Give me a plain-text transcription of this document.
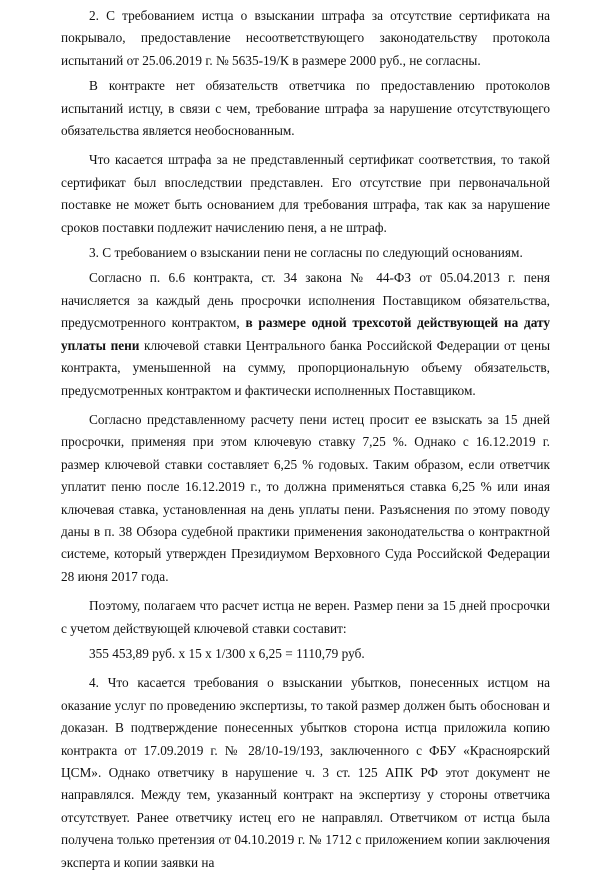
2. С требованием истца о взыскании штрафа за отсутствие сертификата на покрывало, предоставление несоответствующего законодательству протокола испытаний от 25.06.2019 г. № 5635-19/К в размере 2000 руб., не согласны.

В контракте нет обязательств ответчика по предоставлению протоколов испытаний истцу, в связи с чем, требование штрафа за нарушение отсутствующего обязательства является необоснованным.

Что касается штрафа за не представленный сертификат соответствия, то такой сертификат был впоследствии представлен. Его отсутствие при первоначальной поставке не может быть основанием для требования штрафа, так как за нарушение сроков поставки подлежит начислению пеня, а не штраф.

3. С требованием о взыскании пени не согласны по следующий основаниям.

Согласно п. 6.6 контракта, ст. 34 закона № 44-ФЗ от 05.04.2013 г. пеня начисляется за каждый день просрочки исполнения Поставщиком обязательства, предусмотренного контрактом, в размере одной трехсотой действующей на дату уплаты пени ключевой ставки Центрального банка Российской Федерации от цены контракта, уменьшенной на сумму, пропорциональную объему обязательств, предусмотренных контрактом и фактически исполненных Поставщиком.

Согласно представленному расчету пени истец просит ее взыскать за 15 дней просрочки, применяя при этом ключевую ставку 7,25 %. Однако с 16.12.2019 г. размер ключевой ставки составляет 6,25 % годовых. Таким образом, если ответчик уплатит пеню после 16.12.2019 г., то должна применяться ставка 6,25 % или иная ключевая ставка, установленная на день уплаты пени. Разъяснения по этому поводу даны в п. 38 Обзора судебной практики применения законодательства о контрактной системе, который утвержден Президиумом Верховного Суда Российской Федерации 28 июня 2017 года.

Поэтому, полагаем что расчет истца не верен. Размер пени за 15 дней просрочки с учетом действующей ключевой ставки составит:

355 453,89 руб. х 15 х 1/300 х 6,25 = 1110,79 руб.

4. Что касается требования о взыскании убытков, понесенных истцом на оказание услуг по проведению экспертизы, то такой размер должен быть обоснован и доказан. В подтверждение понесенных убытков сторона истца приложила копию контракта от 17.09.2019 г. № 28/10-19/193, заключенного с ФБУ «Красноярский ЦСМ». Однако ответчику в нарушение ч. 3 ст. 125 АПК РФ этот документ не направлялся. Между тем, указанный контракт на экспертизу у стороны ответчика отсутствует. Ранее ответчику истец его не направлял. Ответчиком от истца была получена только претензия от 04.10.2019 г. № 1712 с приложением копии заключения эксперта и копии заявки на
